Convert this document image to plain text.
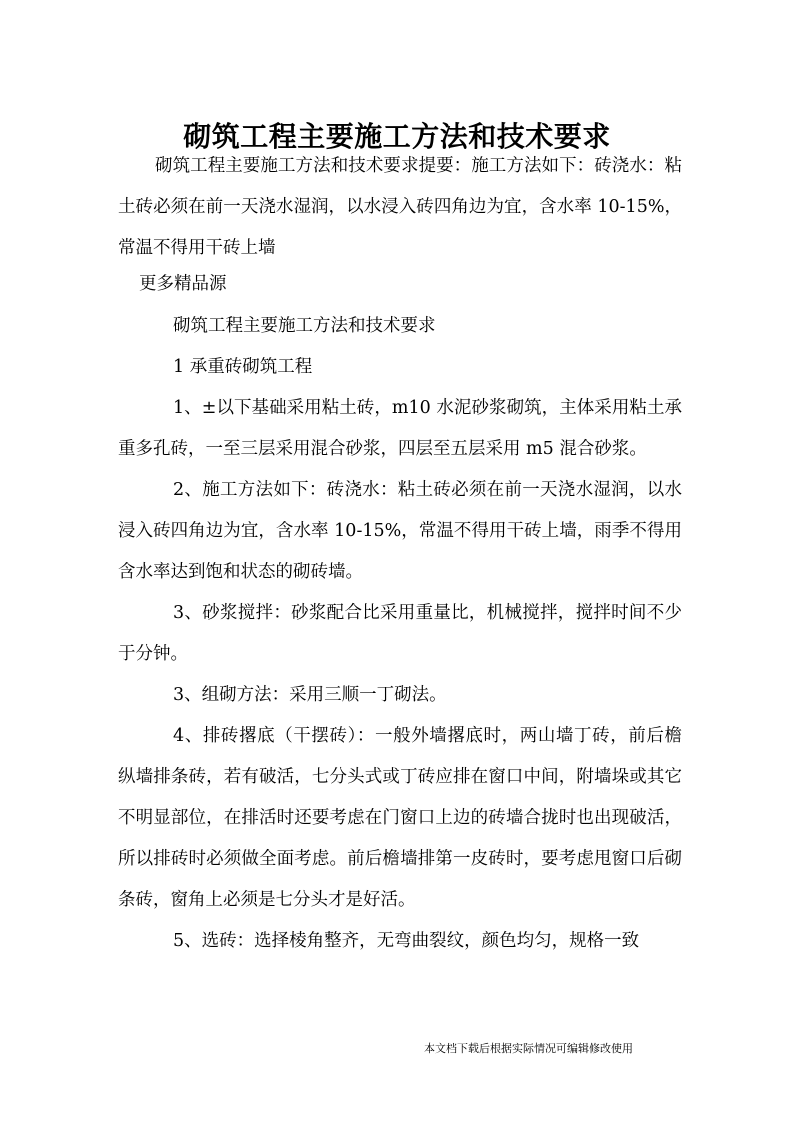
砌筑工程主要施工方法和技术要求

砌筑工程主要施工方法和技术要求提要：施工方法如下：砖浇水：粘土砖必须在前一天浇水湿润，以水浸入砖四角边为宜，含水率 10-15%，常温不得用干砖上墙

更多精品源

砌筑工程主要施工方法和技术要求

1 承重砖砌筑工程

1、±以下基础采用粘土砖，m10 水泥砂浆砌筑，主体采用粘土承重多孔砖，一至三层采用混合砂浆，四层至五层采用 m5 混合砂浆。

2、施工方法如下：砖浇水：粘土砖必须在前一天浇水湿润，以水浸入砖四角边为宜，含水率 10-15%，常温不得用干砖上墙，雨季不得用含水率达到饱和状态的砌砖墙。

3、砂浆搅拌：砂浆配合比采用重量比，机械搅拌，搅拌时间不少于分钟。

3、组砌方法：采用三顺一丁砌法。

4、排砖撂底（干摆砖）：一般外墙撂底时，两山墙丁砖，前后檐纵墙排条砖，若有破活，七分头式或丁砖应排在窗口中间，附墙垛或其它不明显部位，在排活时还要考虑在门窗口上边的砖墙合拢时也出现破活，所以排砖时必须做全面考虑。前后檐墙排第一皮砖时，要考虑甩窗口后砌条砖，窗角上必须是七分头才是好活。

5、选砖：选择棱角整齐，无弯曲裂纹，颜色均匀，规格一致

本文档下载后根据实际情况可编辑修改使用
